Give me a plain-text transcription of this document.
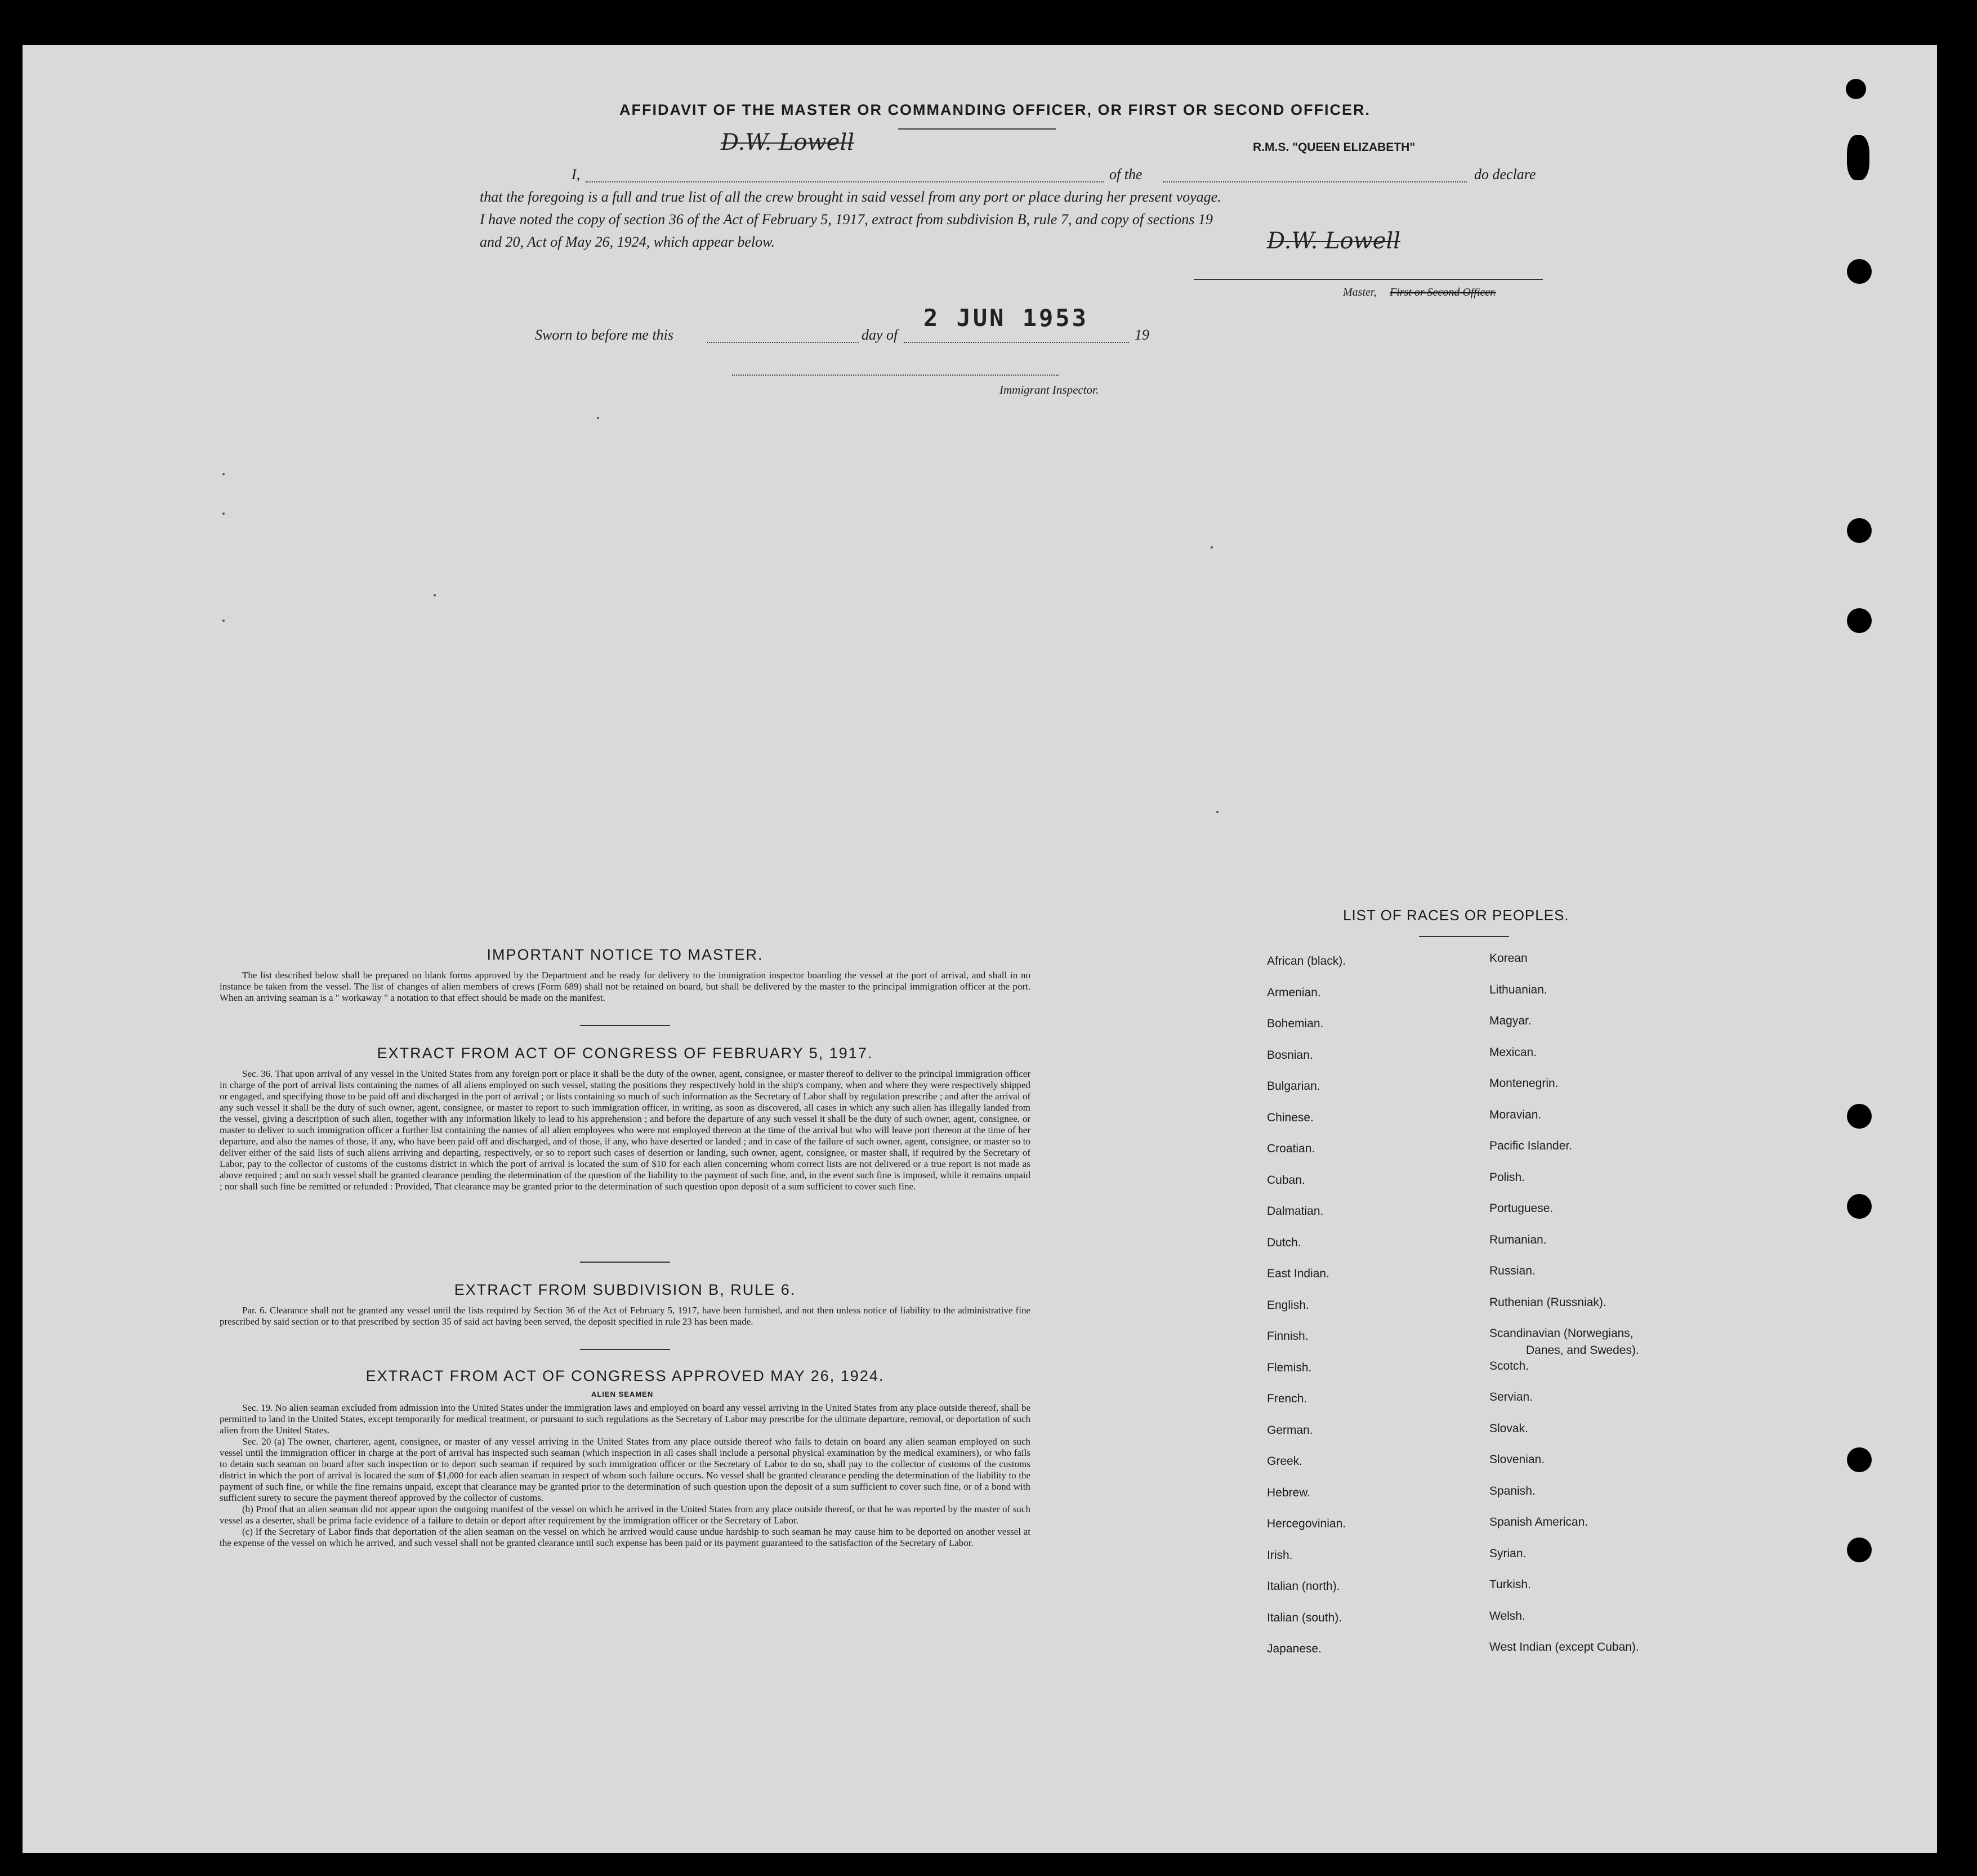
AFFIDAVIT OF THE MASTER OR COMMANDING OFFICER, OR FIRST OR SECOND OFFICER.
D.W. Lowell	R.M.S. "QUEEN ELIZABETH"
I,	of the	do declare
that the foregoing is a full and true list of all the crew brought in said vessel from any port or place during her present voyage.
I have noted the copy of section 36 of the Act of February 5, 1917, extract from subdivision B, rule 7, and copy of sections 19
and 20, Act of May 26, 1924, which appear below.	D.W. Lowell
Master, First or Second Officer.
Sworn to before me this	day of
2 JUN 1953
19
Immigrant Inspector.
IMPORTANT NOTICE TO MASTER.
The list described below shall be prepared on blank forms approved by the Department and be ready for delivery to the immigration inspector boarding the vessel at the port of arrival, and shall in no instance be taken from the vessel. The list of changes of alien members of crews (Form 689) shall not be retained on board, but shall be delivered by the master to the principal immigration officer at the port. When an arriving seaman is a " workaway " a notation to that effect should be made on the manifest.
EXTRACT FROM ACT OF CONGRESS OF FEBRUARY 5, 1917.
Sec. 36. That upon arrival of any vessel in the United States from any foreign port or place it shall be the duty of the owner, agent, consignee, or master thereof to deliver to the principal immigration officer in charge of the port of arrival lists containing the names of all aliens employed on such vessel, stating the positions they respectively hold in the ship's company, when and where they were respectively shipped or engaged, and specifying those to be paid off and discharged in the port of arrival ; or lists containing so much of such information as the Secretary of Labor shall by regulation prescribe ; and after the arrival of any such vessel it shall be the duty of such owner, agent, consignee, or master to report to such immigration officer, in writing, as soon as discovered, all cases in which any such alien has illegally landed from the vessel, giving a description of such alien, together with any information likely to lead to his apprehension ; and before the departure of any such vessel it shall be the duty of such owner, agent, consignee, or master to deliver to such immigration officer a further list containing the names of all alien employees who were not employed thereon at the time of the arrival but who will leave port thereon at the time of her departure, and also the names of those, if any, who have been paid off and discharged, and of those, if any, who have deserted or landed ; and in case of the failure of such owner, agent, consignee, or master so to deliver either of the said lists of such aliens arriving and departing, respectively, or so to report such cases of desertion or landing, such owner, agent, consignee, or master shall, if required by the Secretary of Labor, pay to the collector of customs of the customs district in which the port of arrival is located the sum of $10 for each alien concerning whom correct lists are not delivered or a true report is not made as above required ; and no such vessel shall be granted clearance pending the determination of the question of the liability to the payment of such fine, and, in the event such fine is imposed, while it remains unpaid ; nor shall such fine be remitted or refunded : Provided, That clearance may be granted prior to the determination of such question upon deposit of a sum sufficient to cover such fine.
EXTRACT FROM SUBDIVISION B, RULE 6.
Par. 6. Clearance shall not be granted any vessel until the lists required by Section 36 of the Act of February 5, 1917, have been furnished, and not then unless notice of liability to the administrative fine prescribed by said section or to that prescribed by section 35 of said act having been served, the deposit specified in rule 23 has been made.
EXTRACT FROM ACT OF CONGRESS APPROVED MAY 26, 1924.
ALIEN SEAMEN
Sec. 19. No alien seaman excluded from admission into the United States under the immigration laws and employed on board any vessel arriving in the United States from any place outside thereof, shall be permitted to land in the United States, except temporarily for medical treatment, or pursuant to such regulations as the Secretary of Labor may prescribe for the ultimate departure, removal, or deportation of such alien from the United States.
Sec. 20 (a) The owner, charterer, agent, consignee, or master of any vessel arriving in the United States from any place outside thereof who fails to detain on board any alien seaman employed on such vessel until the immigration officer in charge at the port of arrival has inspected such seaman (which inspection in all cases shall include a personal physical examination by the medical examiners), or who fails to detain such seaman on board after such inspection or to deport such seaman if required by such immigration officer or the Secretary of Labor to do so, shall pay to the collector of customs of the customs district in which the port of arrival is located the sum of $1,000 for each alien seaman in respect of whom such failure occurs. No vessel shall be granted clearance pending the determination of the liability to the payment of such fine, or while the fine remains unpaid, except that clearance may be granted prior to the determination of such question upon the deposit of a sum sufficient to cover such fine, or of a bond with sufficient surety to secure the payment thereof approved by the collector of customs.
(b) Proof that an alien seaman did not appear upon the outgoing manifest of the vessel on which he arrived in the United States from any place outside thereof, or that he was reported by the master of such vessel as a deserter, shall be prima facie evidence of a failure to detain or deport after requirement by the immigration officer or the Secretary of Labor.
(c) If the Secretary of Labor finds that deportation of the alien seaman on the vessel on which he arrived would cause undue hardship to such seaman he may cause him to be deported on another vessel at the expense of the vessel on which he arrived, and such vessel shall not be granted clearance until such expense has been paid or its payment guaranteed to the satisfaction of the Secretary of Labor.
LIST OF RACES OR PEOPLES.
African (black).
Armenian.
Bohemian.
Bosnian.
Bulgarian.
Chinese.
Croatian.
Cuban.
Dalmatian.
Dutch.
East Indian.
English.
Finnish.
Flemish.
French.
German.
Greek.
Hebrew.
Hercegovinian.
Irish.
Italian (north).
Italian (south).
Japanese.
Korean
Lithuanian.
Magyar.
Mexican.
Montenegrin.
Moravian.
Pacific Islander.
Polish.
Portuguese.
Rumanian.
Russian.
Ruthenian (Russniak).
Scandinavian (Norwegians,
Scotch.
Servian.
Slovak.
Slovenian.
Spanish.
Spanish American.
Syrian.
Turkish.
Welsh.
West Indian (except Cuban).
Danes, and Swedes).
